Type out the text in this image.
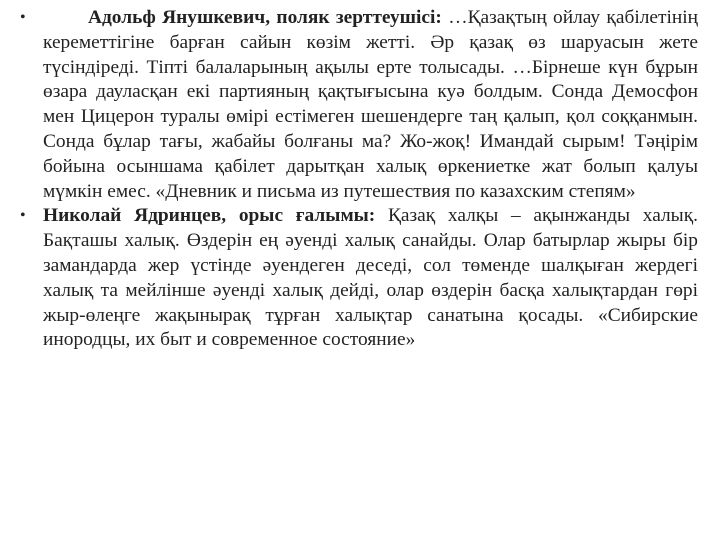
•	Адольф Янушкевич, поляк зерттеушісі: …Қазақтың ойлау қабілетінің кереметтігіне барған сайын көзім жетті. Әр қазақ өз шаруасын жете түсіндіреді. Тіпті балаларының ақылы ерте толысады. …Бірнеше күн бұрын өзара дауласқан екі партияның қақтығысына куә болдым. Сонда Демосфон мен Цицерон туралы өмірі естімеген шешендерге таң қалып, қол соққанмын. Сонда бұлар тағы, жабайы болғаны ма? Жо-жоқ! Имандай сырым! Тәңірім бойына осыншама қабілет дарытқан халық өркениетке жат болып қалуы мүмкін емес. «Дневник и письма из путешествия по казахским степям»
• Николай Ядринцев, орыс ғалымы: Қазақ халқы – ақынжанды халық. Бақташы халық. Өздерін ең әуенді халық санайды. Олар батырлар жыры бір замандарда жер үстінде әуендеген деседі, сол төменде шалқыған жердегі халық та мейлінше әуенді халық дейді, олар өздерін басқа халықтардан гөрі жыр-өлеңге жақынырақ тұрған халықтар санатына қосады. «Сибирские инородцы, их быт и современное состояние»
